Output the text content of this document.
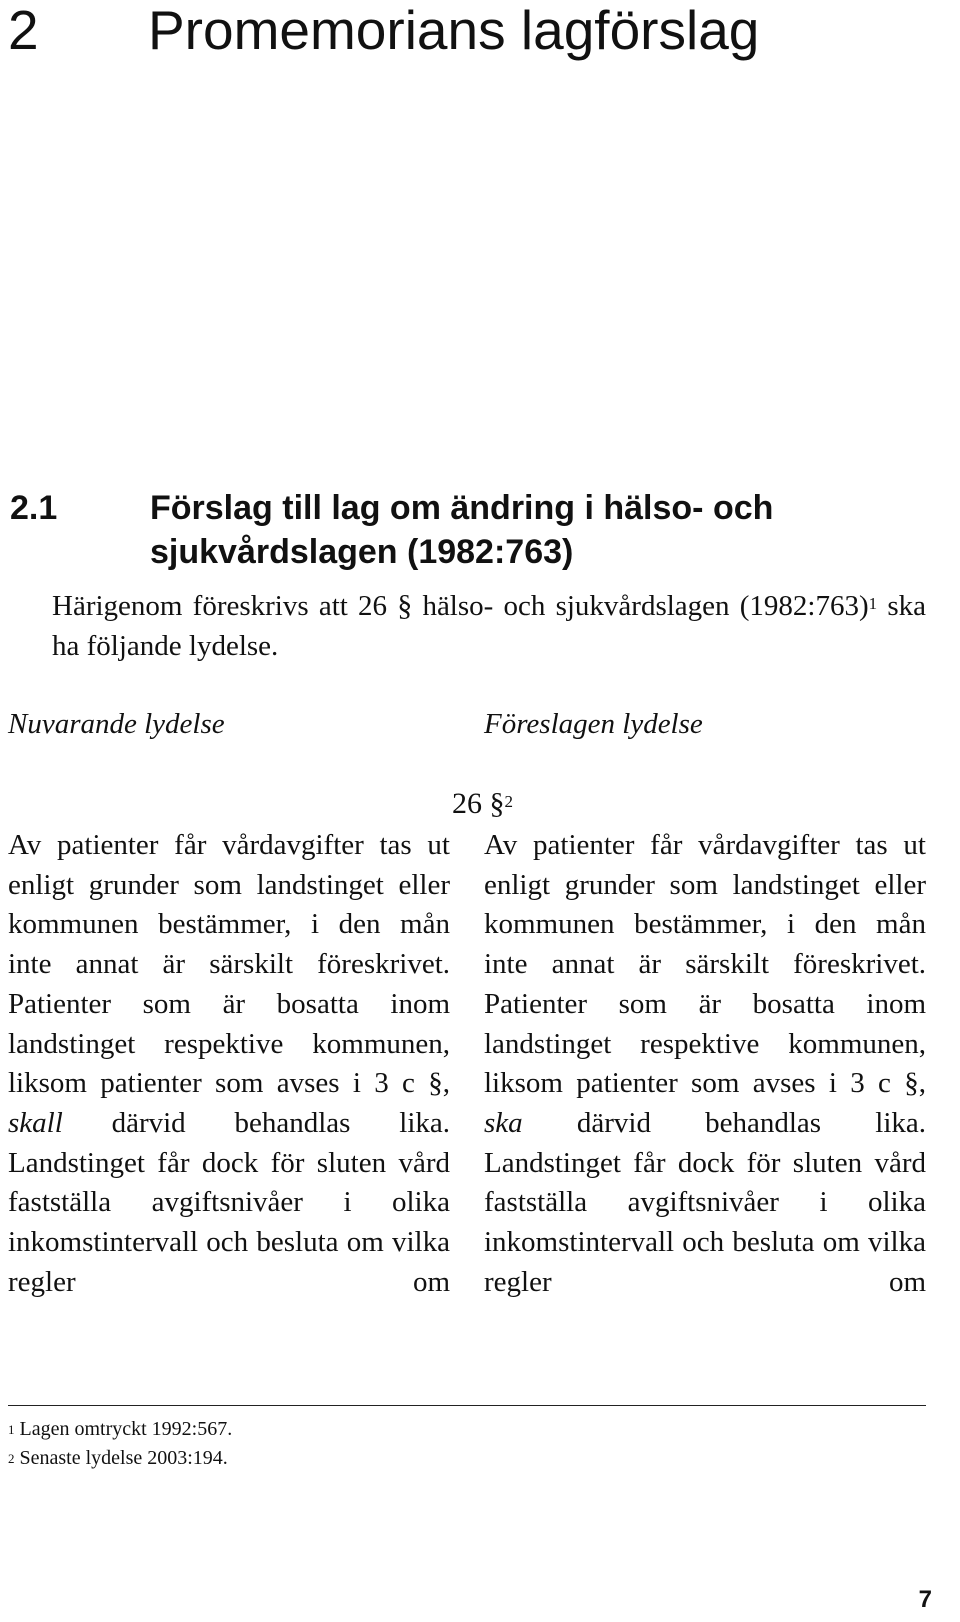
2 Promemorians lagförslag
2.1	Förslag till lag om ändring i hälso- och sjukvårdslagen (1982:763)

Härigenom föreskrivs att 26 § hälso- och sjukvårdslagen (1982:763)$^1$ ska ha följande lydelse.

Nuvarande lydelse	Föreslagen lydelse
26 §$^2$
Av patienter får vårdavgifter tas ut enligt grunder som landstinget eller kommunen bestämmer, i den mån inte annat är särskilt föreskrivet. Patienter som är bosatta inom landstinget respektive kommunen, liksom patienter som avses i 3 c §, skall därvid behandlas lika. Landstinget får dock för sluten vård fastställa avgiftsnivåer i olika inkomstintervall och besluta om vilka regler om
Av patienter får vårdavgifter tas ut enligt grunder som landstinget eller kommunen bestämmer, i den mån inte annat är särskilt föreskrivet. Patienter som är bosatta inom landstinget respektive kommunen, liksom patienter som avses i 3 c §, ska därvid behandlas lika. Landstinget får dock för sluten vård fastställa avgiftsnivåer i olika inkomstintervall och besluta om vilka regler om
$^1$ Lagen omtryckt 1992:567.
$^2$ Senaste lydelse 2003:194.
7
